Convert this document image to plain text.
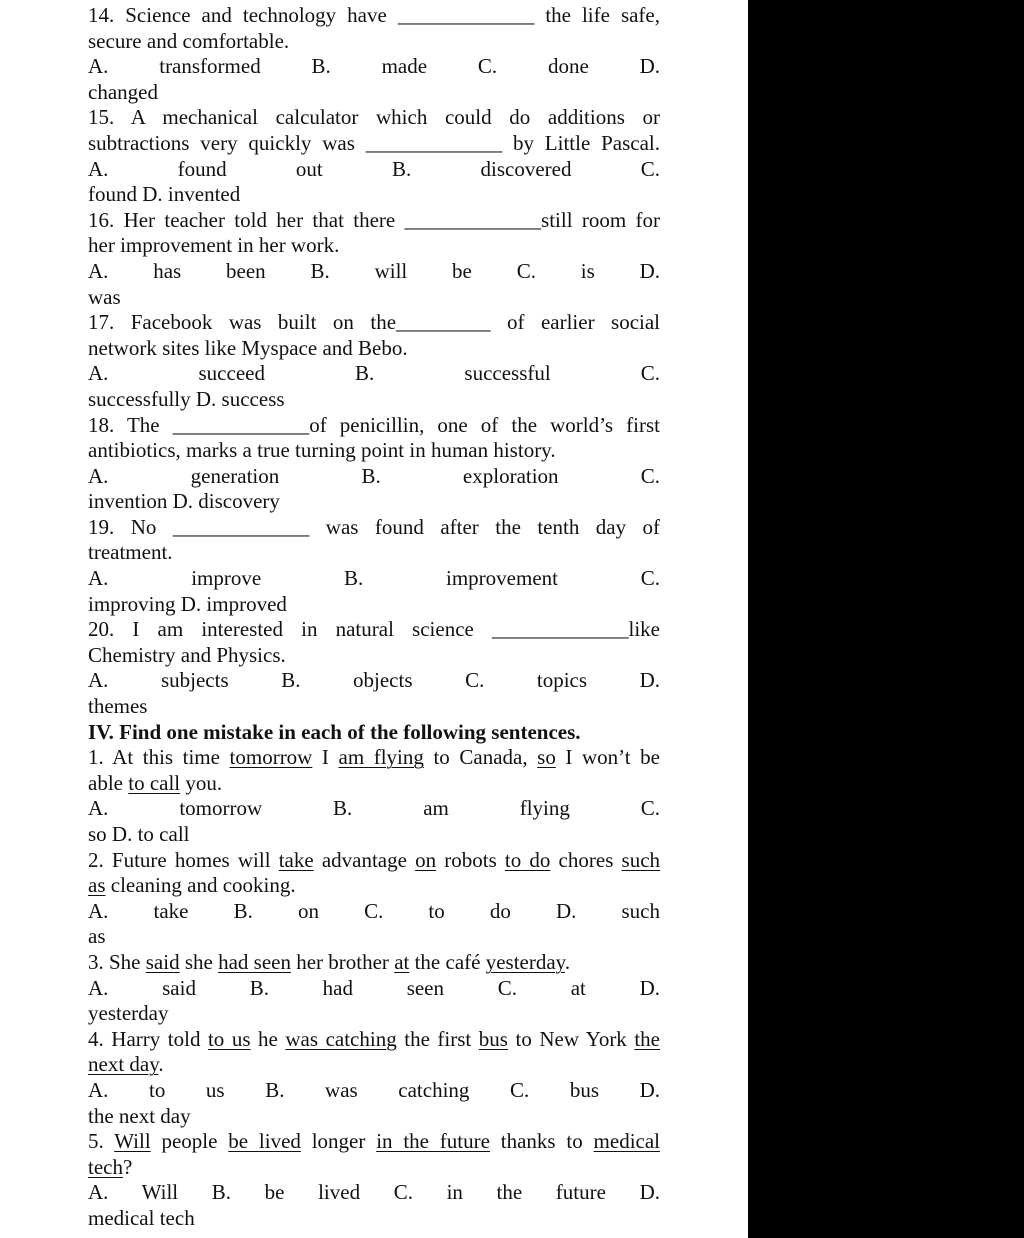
14. Science and technology have _____________ the life safe,
secure and comfortable.
A. transformed B. made C. done D.
changed
15. A mechanical calculator which could do additions or
subtractions very quickly was _____________ by Little Pascal.
A.	found	out	B.	discovered	C.
found D. invented
16. Her teacher told her that there _____________still room for
her improvement in her work.
A. has been B. will be C. is D.
was
17. Facebook was built on the_________ of earlier social
network sites like Myspace and Bebo.
A.	succeed	B.	successful	C.
successfully D. success
18. The _____________of penicillin, one of the world’s first
antibiotics, marks a true turning point in human history.
A.	generation	B.	exploration	C.
invention D. discovery
19. No _____________ was found after the tenth day of
treatment.
A.	improve	B.	improvement	C.
improving D. improved
20. I am interested in natural science _____________like
Chemistry and Physics.
A. subjects	B. objects	C. topics	D.
themes
IV. Find one mistake in each of the following sentences.
1. At this time tomorrow I am flying to Canada, so I won’t be
able to call you.
A.	tomorrow	B.	am	flying	C.
so D. to call
2. Future homes will take advantage on robots to do chores such
as cleaning and cooking.
A. take B. on C. to do D. such
as
3. She said she had seen her brother at the café yesterday.
A. said	B. had seen	C. at	D.
yesterday
4. Harry told to us he was catching the first bus to New York the
next day.
A. to us B. was catching C. bus D.
the next day
5. Will people be lived longer in the future thanks to medical
tech?
A. Will B. be lived C. in the future D.
medical tech
